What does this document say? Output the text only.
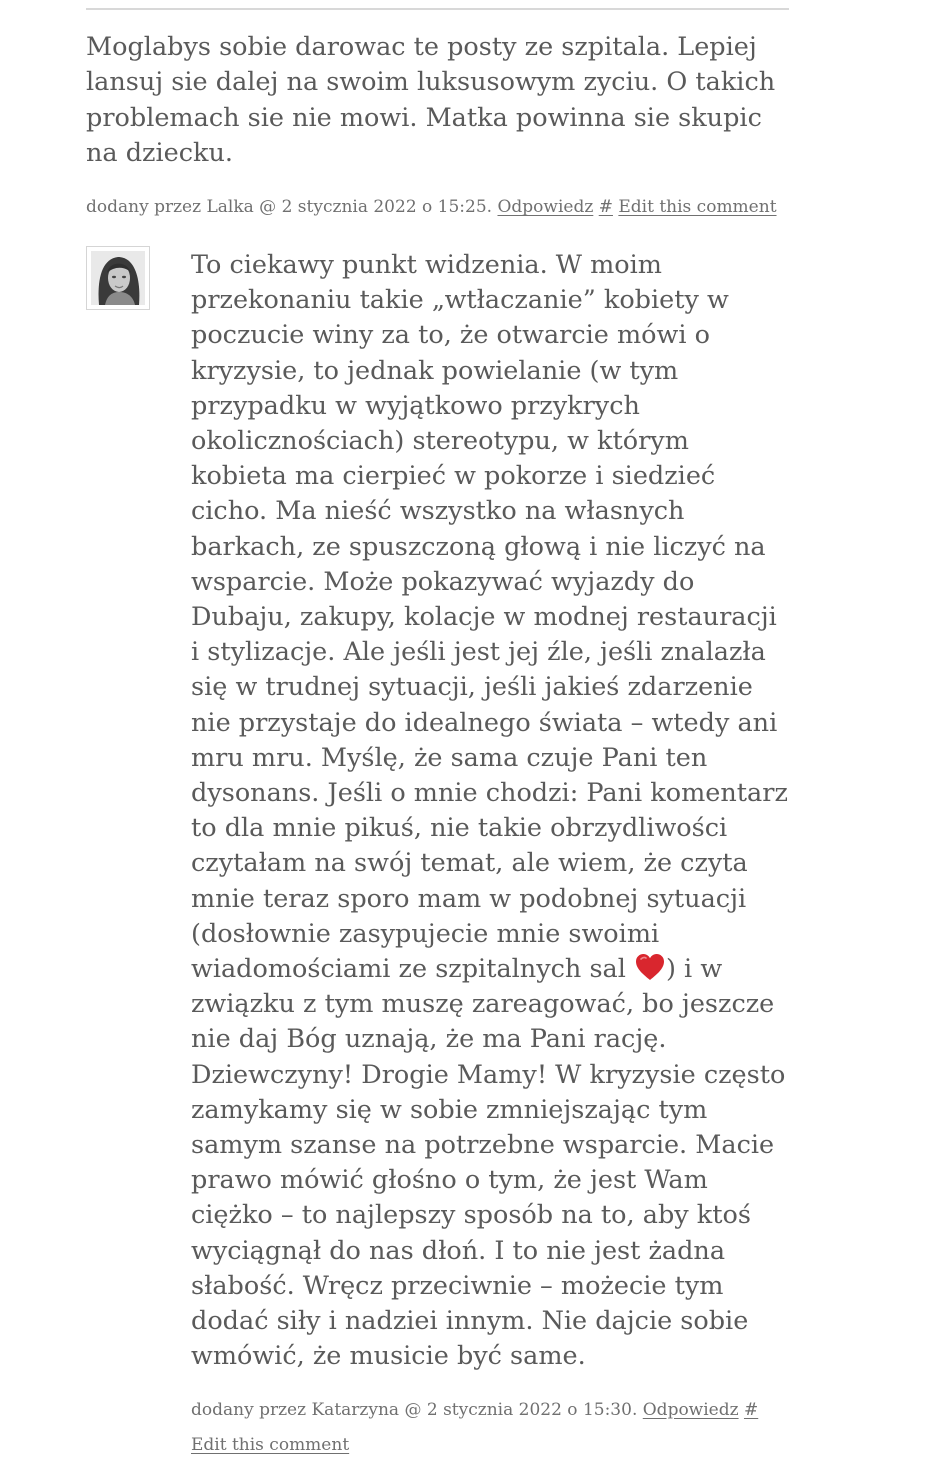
Moglabys sobie darowac te posty ze szpitala. Lepiej lansuj sie dalej na swoim luksusowym zyciu. O takich problemach sie nie mowi. Matka powinna sie skupic na dziecku.

dodany przez Lalka @ 2 stycznia 2022 o 15:25. Odpowiedz # Edit this comment

To ciekawy punkt widzenia. W moim przekonaniu takie „wtłaczanie” kobiety w poczucie winy za to, że otwarcie mówi o kryzysie, to jednak powielanie (w tym przypadku w wyjątkowo przykrych okolicznościach) stereotypu, w którym kobieta ma cierpieć w pokorze i siedzieć cicho. Ma nieść wszystko na własnych barkach, ze spuszczoną głową i nie liczyć na wsparcie. Może pokazywać wyjazdy do Dubaju, zakupy, kolacje w modnej restauracji i stylizacje. Ale jeśli jest jej źle, jeśli znalazła się w trudnej sytuacji, jeśli jakieś zdarzenie nie przystaje do idealnego świata – wtedy ani mru mru. Myślę, że sama czuje Pani ten dysonans. Jeśli o mnie chodzi: Pani komentarz to dla mnie pikuś, nie takie obrzydliwości czytałam na swój temat, ale wiem, że czyta mnie teraz sporo mam w podobnej sytuacji (dosłownie zasypujecie mnie swoimi wiadomościami ze szpitalnych sal ) i w związku z tym muszę zareagować, bo jeszcze nie daj Bóg uznają, że ma Pani rację. Dziewczyny! Drogie Mamy! W kryzysie często zamykamy się w sobie zmniejszając tym samym szanse na potrzebne wsparcie. Macie prawo mówić głośno o tym, że jest Wam ciężko – to najlepszy sposób na to, aby ktoś wyciągnął do nas dłoń. I to nie jest żadna słabość. Wręcz przeciwnie – możecie tym dodać siły i nadziei innym. Nie dajcie sobie wmówić, że musicie być same.

dodany przez Katarzyna @ 2 stycznia 2022 o 15:30. Odpowiedz #
Edit this comment
